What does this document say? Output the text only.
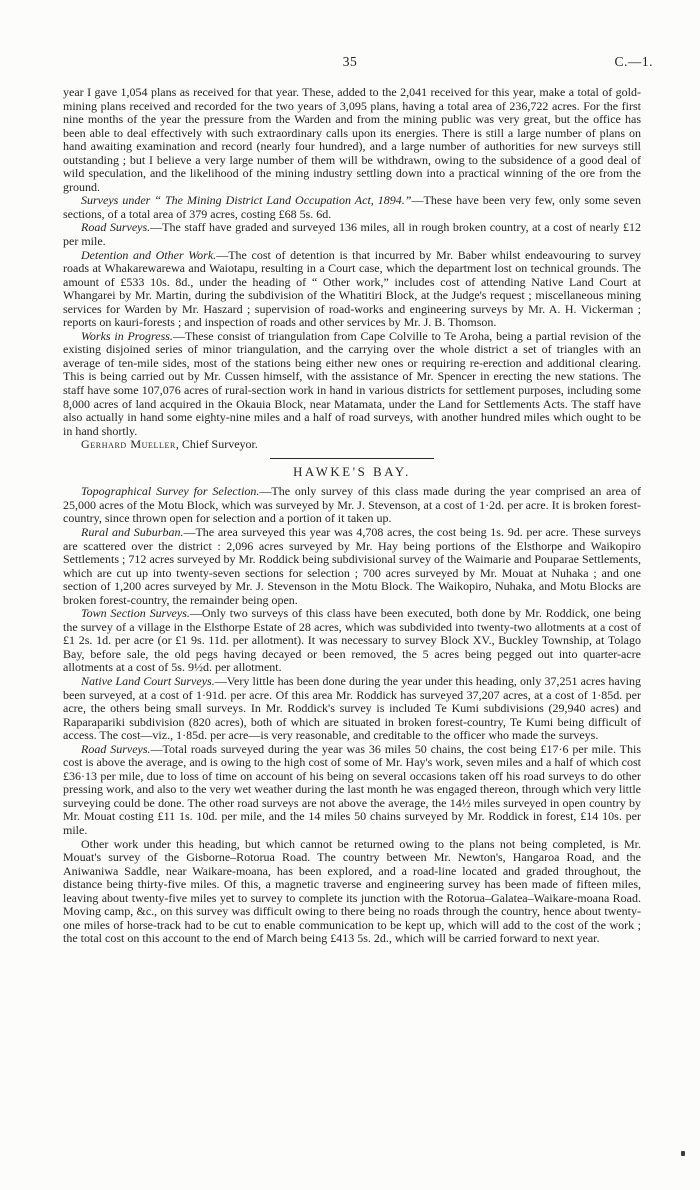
35	C.—1.

year I gave 1,054 plans as received for that year. These, added to the 2,041 received for this year, make a total of gold-mining plans received and recorded for the two years of 3,095 plans, having a total area of 236,722 acres. For the first nine months of the year the pressure from the Warden and from the mining public was very great, but the office has been able to deal effectively with such extraordinary calls upon its energies. There is still a large number of plans on hand awaiting examination and record (nearly four hundred), and a large number of authorities for new surveys still outstanding ; but I believe a very large number of them will be withdrawn, owing to the subsidence of a good deal of wild speculation, and the likelihood of the mining industry settling down into a practical winning of the ore from the ground.

Surveys under “ The Mining District Land Occupation Act, 1894.”—These have been very few, only some seven sections, of a total area of 379 acres, costing £68 5s. 6d.

Road Surveys.—The staff have graded and surveyed 136 miles, all in rough broken country, at a cost of nearly £12 per mile.

Detention and Other Work.—The cost of detention is that incurred by Mr. Baber whilst endeavouring to survey roads at Whakarewarewa and Waiotapu, resulting in a Court case, which the department lost on technical grounds. The amount of £533 10s. 8d., under the heading of “ Other work,” includes cost of attending Native Land Court at Whangarei by Mr. Martin, during the subdivision of the Whatitiri Block, at the Judge's request ; miscellaneous mining services for Warden by Mr. Haszard ; supervision of road-works and engineering surveys by Mr. A. H. Vickerman ; reports on kauri-forests ; and inspection of roads and other services by Mr. J. B. Thomson.

Works in Progress.—These consist of triangulation from Cape Colville to Te Aroha, being a partial revision of the existing disjoined series of minor triangulation, and the carrying over the whole district a set of triangles with an average of ten-mile sides, most of the stations being either new ones or requiring re-erection and additional clearing. This is being carried out by Mr. Cussen himself, with the assistance of Mr. Spencer in erecting the new stations. The staff have some 107,076 acres of rural-section work in hand in various districts for settlement purposes, including some 8,000 acres of land acquired in the Okauia Block, near Matamata, under the Land for Settlements Acts. The staff have also actually in hand some eighty-nine miles and a half of road surveys, with another hundred miles which ought to be in hand shortly.

Gerhard Mueller, Chief Surveyor.

HAWKE'S BAY.

Topographical Survey for Selection.—The only survey of this class made during the year comprised an area of 25,000 acres of the Motu Block, which was surveyed by Mr. J. Stevenson, at a cost of 1·2d. per acre. It is broken forest-country, since thrown open for selection and a portion of it taken up.

Rural and Suburban.—The area surveyed this year was 4,708 acres, the cost being 1s. 9d. per acre. These surveys are scattered over the district : 2,096 acres surveyed by Mr. Hay being portions of the Elsthorpe and Waikopiro Settlements ; 712 acres surveyed by Mr. Roddick being subdivisional survey of the Waimarie and Pouparae Settlements, which are cut up into twenty-seven sections for selection ; 700 acres surveyed by Mr. Mouat at Nuhaka ; and one section of 1,200 acres surveyed by Mr. J. Stevenson in the Motu Block. The Waikopiro, Nuhaka, and Motu Blocks are broken forest-country, the remainder being open.

Town Section Surveys.—Only two surveys of this class have been executed, both done by Mr. Roddick, one being the survey of a village in the Elsthorpe Estate of 28 acres, which was subdivided into twenty-two allotments at a cost of £1 2s. 1d. per acre (or £1 9s. 11d. per allotment). It was necessary to survey Block XV., Buckley Township, at Tolago Bay, before sale, the old pegs having decayed or been removed, the 5 acres being pegged out into quarter-acre allotments at a cost of 5s. 9½d. per allotment.

Native Land Court Surveys.—Very little has been done during the year under this heading, only 37,251 acres having been surveyed, at a cost of 1·91d. per acre. Of this area Mr. Roddick has surveyed 37,207 acres, at a cost of 1·85d. per acre, the others being small surveys. In Mr. Roddick's survey is included Te Kumi subdivisions (29,940 acres) and Raparapariki subdivision (820 acres), both of which are situated in broken forest-country, Te Kumi being difficult of access. The cost—viz., 1·85d. per acre—is very reasonable, and creditable to the officer who made the surveys.

Road Surveys.—Total roads surveyed during the year was 36 miles 50 chains, the cost being £17·6 per mile. This cost is above the average, and is owing to the high cost of some of Mr. Hay's work, seven miles and a half of which cost £36·13 per mile, due to loss of time on account of his being on several occasions taken off his road surveys to do other pressing work, and also to the very wet weather during the last month he was engaged thereon, through which very little surveying could be done. The other road surveys are not above the average, the 14½ miles surveyed in open country by Mr. Mouat costing £11 1s. 10d. per mile, and the 14 miles 50 chains surveyed by Mr. Roddick in forest, £14 10s. per mile.

Other work under this heading, but which cannot be returned owing to the plans not being completed, is Mr. Mouat's survey of the Gisborne–Rotorua Road. The country between Mr. Newton's, Hangaroa Road, and the Aniwaniwa Saddle, near Waikare-moana, has been explored, and a road-line located and graded throughout, the distance being thirty-five miles. Of this, a magnetic traverse and engineering survey has been made of fifteen miles, leaving about twenty-five miles yet to survey to complete its junction with the Rotorua–Galatea–Waikare-moana Road. Moving camp, &c., on this survey was difficult owing to there being no roads through the country, hence about twenty-one miles of horse-track had to be cut to enable communication to be kept up, which will add to the cost of the work ; the total cost on this account to the end of March being £413 5s. 2d., which will be carried forward to next year.
